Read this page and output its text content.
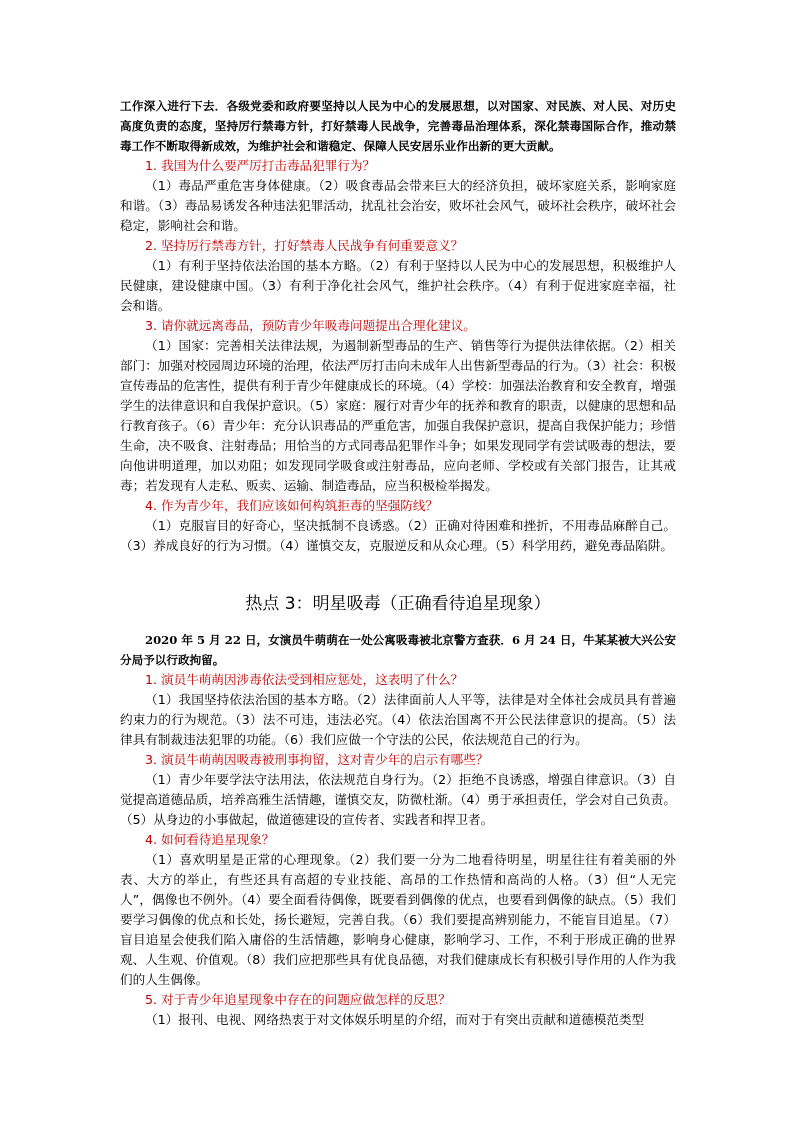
工作深入进行下去．各级党委和政府要坚持以人民为中心的发展思想，以对国家、对民族、对人民、对历史高度负责的态度，坚持厉行禁毒方针，打好禁毒人民战争，完善毒品治理体系，深化禁毒国际合作，推动禁毒工作不断取得新成效，为维护社会和谐稳定、保障人民安居乐业作出新的更大贡献。

1. 我国为什么要严厉打击毒品犯罪行为？

（1）毒品严重危害身体健康。（2）吸食毒品会带来巨大的经济负担，破坏家庭关系，影响家庭和谐。（3）毒品易诱发各种违法犯罪活动，扰乱社会治安，败坏社会风气，破坏社会秩序，破坏社会稳定，影响社会和谐。

2. 坚持厉行禁毒方针，打好禁毒人民战争有何重要意义？

（1）有利于坚持依法治国的基本方略。（2）有利于坚持以人民为中心的发展思想，积极维护人民健康，建设健康中国。（3）有利于净化社会风气，维护社会秩序。（4）有利于促进家庭幸福，社会和谐。

3. 请你就远离毒品，预防青少年吸毒问题提出合理化建议。

（1）国家：完善相关法律法规，为遏制新型毒品的生产、销售等行为提供法律依据。（2）相关部门：加强对校园周边环境的治理，依法严厉打击向未成年人出售新型毒品的行为。（3）社会：积极宣传毒品的危害性，提供有利于青少年健康成长的环境。（4）学校：加强法治教育和安全教育，增强学生的法律意识和自我保护意识。（5）家庭：履行对青少年的抚养和教育的职责，以健康的思想和品行教育孩子。（6）青少年：充分认识毒品的严重危害，加强自我保护意识，提高自我保护能力；珍惜生命，决不吸食、注射毒品；用恰当的方式同毒品犯罪作斗争；如果发现同学有尝试吸毒的想法，要向他讲明道理，加以劝阻；如发现同学吸食或注射毒品，应向老师、学校或有关部门报告，让其戒毒；若发现有人走私、贩卖、运输、制造毒品，应当积极检举揭发。

4. 作为青少年，我们应该如何构筑拒毒的坚强防线？

（1）克服盲目的好奇心，坚决抵制不良诱惑。（2）正确对待困难和挫折，不用毒品麻醉自己。（3）养成良好的行为习惯。（4）谨慎交友，克服逆反和从众心理。（5）科学用药，避免毒品陷阱。

热点 3：明星吸毒（正确看待追星现象）

2020 年 5 月 22 日，女演员牛萌萌在一处公寓吸毒被北京警方查获．6 月 24 日，牛某某被大兴公安分局予以行政拘留。

1. 演员牛萌萌因涉毒依法受到相应惩处，这表明了什么？

（1）我国坚持依法治国的基本方略。（2）法律面前人人平等，法律是对全体社会成员具有普遍约束力的行为规范。（3）法不可违，违法必究。（4）依法治国离不开公民法律意识的提高。（5）法律具有制裁违法犯罪的功能。（6）我们应做一个守法的公民，依法规范自己的行为。

3. 演员牛萌萌因吸毒被刑事拘留，这对青少年的启示有哪些？

（1）青少年要学法守法用法，依法规范自身行为。（2）拒绝不良诱惑，增强自律意识。（3）自觉提高道德品质，培养高雅生活情趣，谨慎交友，防微杜渐。（4）勇于承担责任，学会对自己负责。（5）从身边的小事做起，做道德建设的宣传者、实践者和捍卫者。

4. 如何看待追星现象？

（1）喜欢明星是正常的心理现象。（2）我们要一分为二地看待明星，明星往往有着美丽的外表、大方的举止，有些还具有高超的专业技能、高昂的工作热情和高尚的人格。（3）但“人无完人”，偶像也不例外。（4）要全面看待偶像，既要看到偶像的优点，也要看到偶像的缺点。（5）我们要学习偶像的优点和长处，扬长避短，完善自我。（6）我们要提高辨别能力，不能盲目追星。（7）盲目追星会使我们陷入庸俗的生活情趣，影响身心健康，影响学习、工作，不利于形成正确的世界观、人生观、价值观。（8）我们应把那些具有优良品德，对我们健康成长有积极引导作用的人作为我们的人生偶像。

5. 对于青少年追星现象中存在的问题应做怎样的反思？

（1）报刊、电视、网络热衷于对文体娱乐明星的介绍，而对于有突出贡献和道德模范类型
